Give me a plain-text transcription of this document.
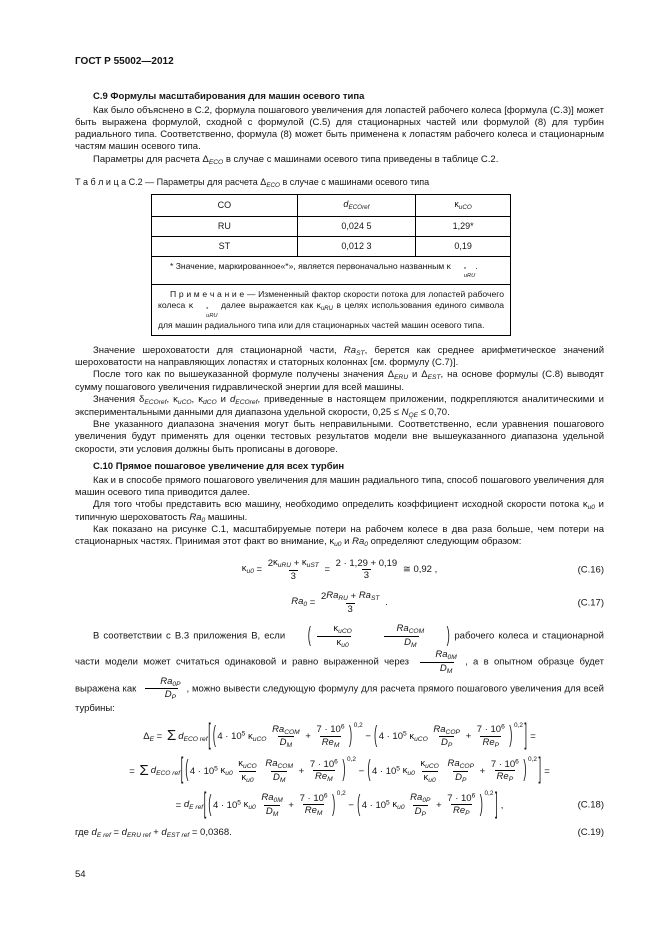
ГОСТ Р 55002—2012
С.9 Формулы масштабирования для машин осевого типа
Как было объяснено в С.2, формула пошагового увеличения для лопастей рабочего колеса [формула (С.3)] может быть выражена формулой, сходной с формулой (С.5) для стационарных частей или формулой (8) для турбин радиального типа. Соответственно, формула (8) может быть применена к лопастям рабочего колеса и стационарным частям машин осевого типа.
Параметры для расчета $\Delta_{ECO}$ в случае с машинами осевого типа приведены в таблице С.2.
Т а б л и ц а С.2 — Параметры для расчета $\Delta_{ECO}$ в случае с машинами осевого типа
CO	$d_{ECOref}$	$\kappa_{uCO}$
RU	0,024 5	1,29*
ST	0,012 3	0,19
* Значение, маркированное«*», является первоначально названным κ *
uRU
.		
П р и м е ч а н и е — Измененный фактор скорости потока для лопастей рабочего колеса κ *
uRU
далее выражается как $\kappa_{uRU}$ в целях использования единого символа для машин радиального типа или для стационарных частей машин осевого типа.		
Значение шероховатости для стационарной части, $Ra_{ST}$, берется как среднее арифметическое значений шероховатости на направляющих лопастях и статорных колоннах [см. формулу (С.7)].
После того как по вышеуказанной формуле получены значения $\Delta_{ERU}$ и $\Delta_{EST}$, на основе формулы (С.8) выводят сумму пошагового увеличения гидравлической энергии для всей машины.
Значения $\delta_{ECOref}$, $\kappa_{uCO}$, $\kappa_{dCO}$ и $d_{ECOref}$, приведенные в настоящем приложении, подкрепляются аналитическими и экспериментальными данными для диапазона удельной скорости, $0,25 \le N_{QE} \le 0,70$.
Вне указанного диапазона значения могут быть неправильными. Соответственно, если уравнения пошагового увеличения будут применять для оценки тестовых результатов модели вне вышеуказанного диапазона удельной скорости, эти условия должны быть прописаны в договоре.
С.10 Прямое пошаговое увеличение для всех турбин
Как и в способе прямого пошагового увеличения для машин радиального типа, способ пошагового увеличения для машин осевого типа приводится далее.
Для того чтобы представить всю машину, необходимо определить коэффициент исходной скорости потока $\kappa_{u0}$ и типичную шероховатость $Ra_0$ машины.
Как показано на рисунке С.1, масштабируемые потери на рабочем колесе в два раза больше, чем потери на стационарных частях. Принимая этот факт во внимание, $\kappa_{u0}$ и $Ra_0$ определяют следующим образом:
$\kappa_{u0}$ =
2 $\kappa_{uRU} + \kappa_{uST}$
3
= $\frac{2 \cdot 1,29 + 0,19}{3}$ ≅ 0,92 ,	(С.16)
$Ra_0$ =
2 $Ra_{RU} + Ra_{ST}$
3
.	(С.17)
В соответствии с В.3 приложения В, если	(	$\kappa_{uCO}$
$\kappa_{u0}$

$Ra_{COM}$
$D_M$	) рабочего колеса и стационарной части модели может считаться одинаковой и равно выраженной через $\frac{Ra_{0M}}{D_M}$ , а в опытном образце будет выражена как $\frac{Ra_{0P}}{D_P}$ , можно вывести следующую формулу для расчета прямого пошагового увеличения для всей турбины:
$\Delta_E = \Sigma$ $d_{ECO ref}$ [ ( $4 \cdot 10^5$
$\kappa_{uCO}$

$Ra_{COM}$
$D_M$
+
$7 \cdot 10^6$
$Re_M$ ) 0,2
− ( $4 \cdot 10^5$
$\kappa_{uCO}$

$Ra_{COP}$
$D_P$
+
$7 \cdot 10^6$
$Re_P$ ) 0,2 ] =
= Σ $d_{ECO ref}$ [ ( $4 \cdot 10^5$
$\kappa_{u0}$

$\kappa_{uCO}$
$\kappa_{u0}$

$Ra_{COM}$
$D_M$
+
$7 \cdot 10^6$
$Re_M$ ) 0,2
− ( $4 \cdot 10^5$
$\kappa_{u0}$

$\kappa_{uCO}$
$\kappa_{u0}$

$Ra_{COP}$
$D_P$
+
$7 \cdot 10^6$
$Re_P$ ) 0,2 ] =
= $d_{E ref}$ [ ( $4 \cdot 10^5$
$\kappa_{u0}$

$Ra_{0M}$
$D_M$
+
$7 \cdot 10^6$
$Re_M$ ) 0,2
− ( $4 \cdot 10^5$
$\kappa_{u0}$

$Ra_{0P}$
$D_P$
+
$7 \cdot 10^6$
$Re_P$ ) 0,2 ] ,	(С.18)
где $d_{E ref} = d_{ERU ref} + d_{EST ref} = 0,0368$.	(С.19)
54
